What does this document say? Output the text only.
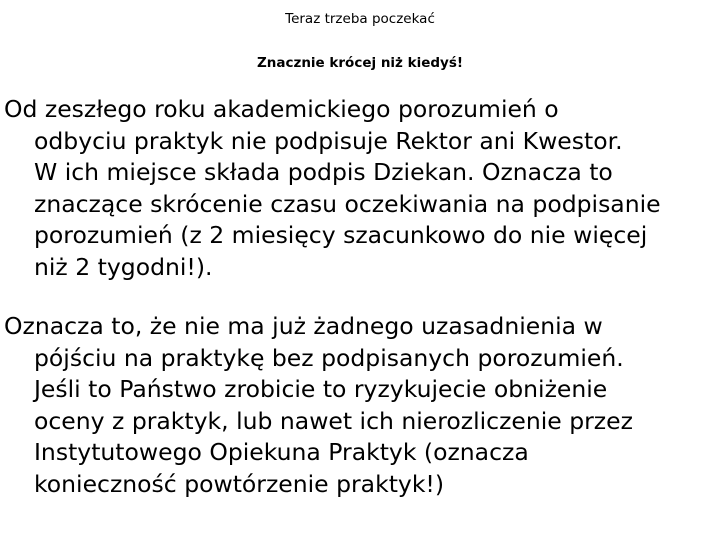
Teraz trzeba poczekać
Znacznie krócej niż kiedyś!
Od zeszłego roku akademickiego porozumień o
odbyciu praktyk nie podpisuje Rektor ani Kwestor.
W ich miejsce składa podpis Dziekan. Oznacza to
znaczące skrócenie czasu oczekiwania na podpisanie
porozumień (z 2 miesięcy szacunkowo do nie więcej
niż 2 tygodni!).
Oznacza to, że nie ma już żadnego uzasadnienia w
pójściu na praktykę bez podpisanych porozumień.
Jeśli to Państwo zrobicie to ryzykujecie obniżenie
oceny z praktyk, lub nawet ich nierozliczenie przez
Instytutowego Opiekuna Praktyk (oznacza
konieczność powtórzenie praktyk!)
